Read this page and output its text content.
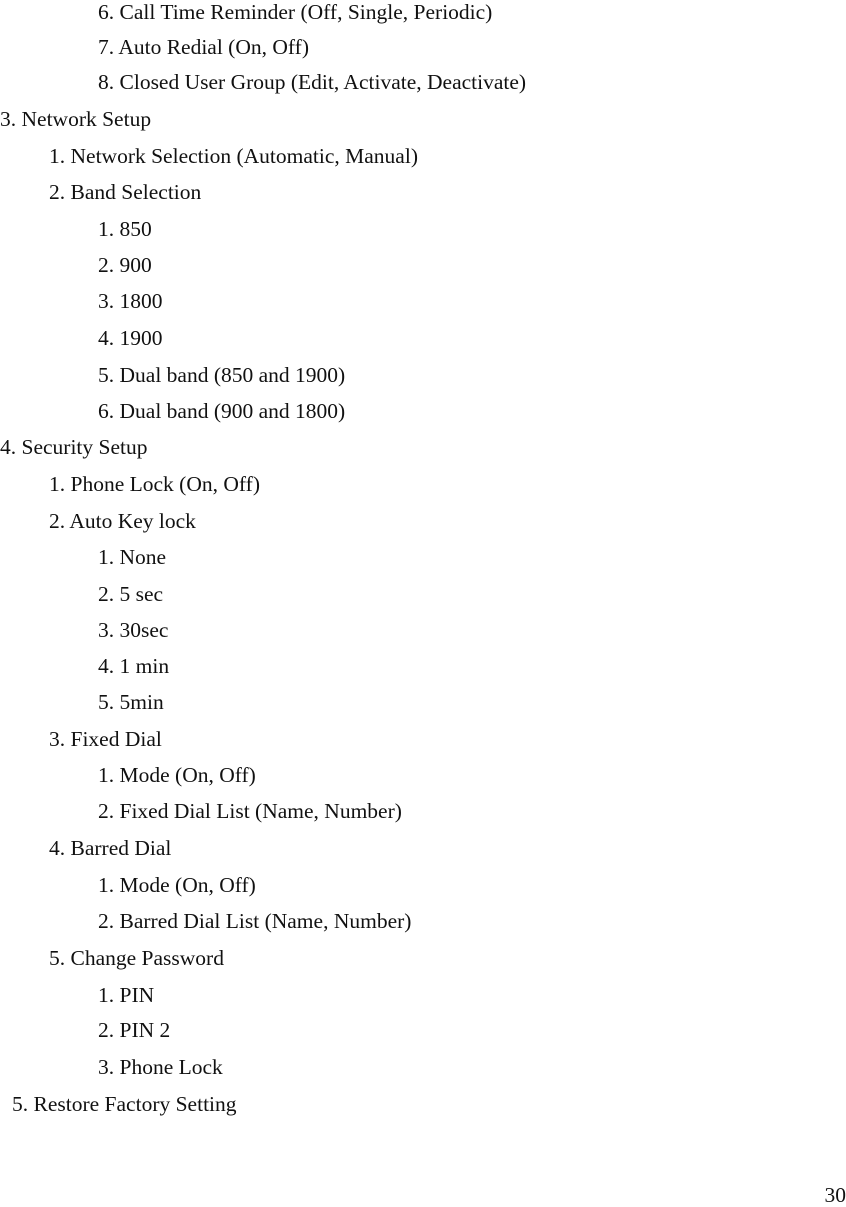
6. Call Time Reminder (Off, Single, Periodic)
7. Auto Redial (On, Off)
8. Closed User Group (Edit, Activate, Deactivate)
3. Network Setup
1. Network Selection (Automatic, Manual)
2. Band Selection
1. 850
2. 900
3. 1800
4. 1900
5. Dual band (850 and 1900)
6. Dual band (900 and 1800)
4. Security Setup
1. Phone Lock (On, Off)
2. Auto Key lock
1. None
2. 5 sec
3. 30sec
4. 1 min
5. 5min
3. Fixed Dial
1. Mode (On, Off)
2. Fixed Dial List (Name, Number)
4. Barred Dial
1. Mode (On, Off)
2. Barred Dial List (Name, Number)
5. Change Password
1. PIN
2. PIN 2
3. Phone Lock
5. Restore Factory Setting
30
